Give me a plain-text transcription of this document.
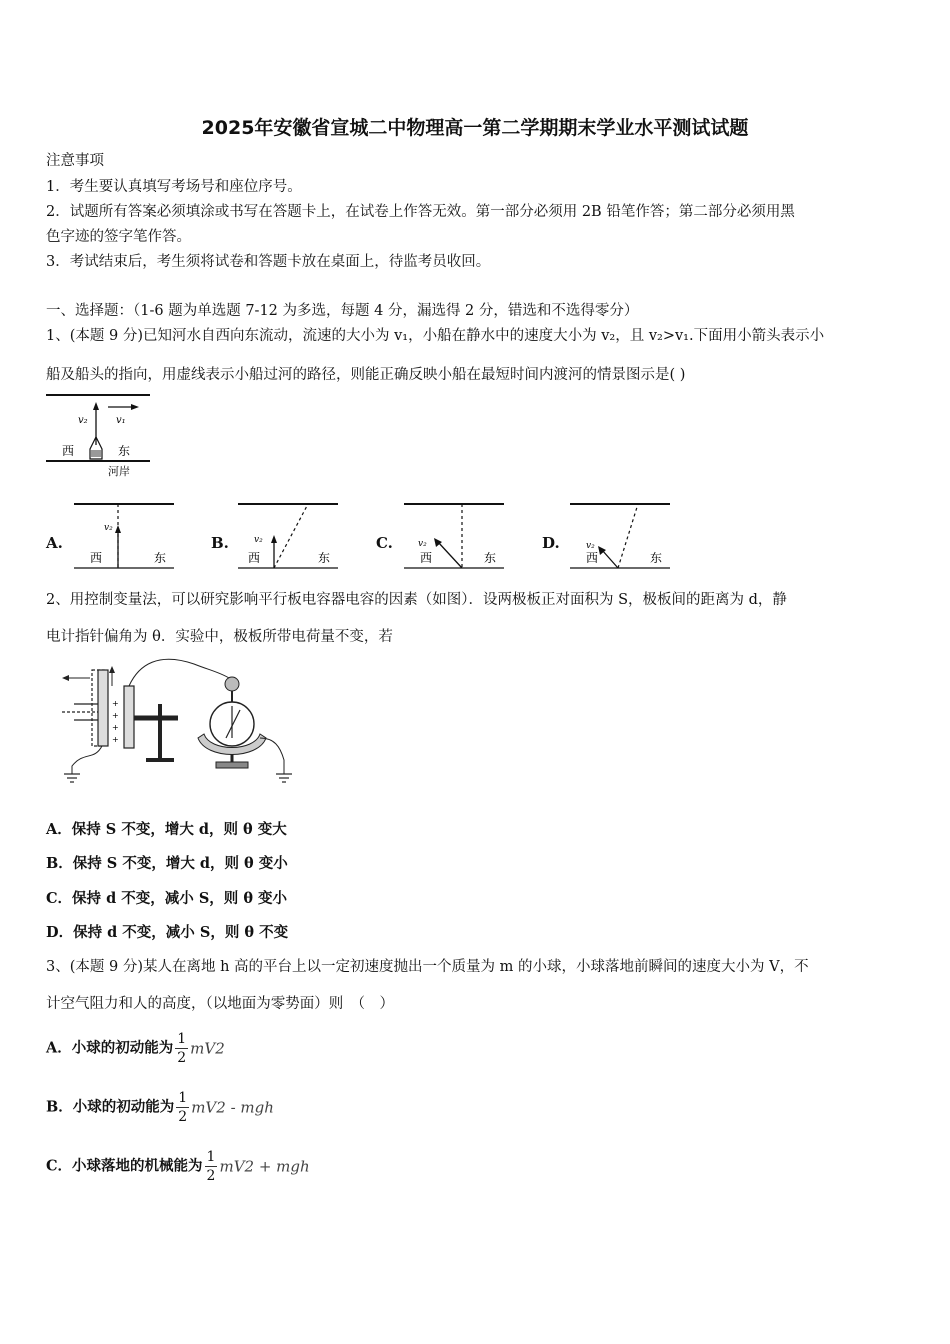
2025年安徽省宣城二中物理高一第二学期期末学业水平测试试题
注意事项
1．考生要认真填写考场号和座位序号。
2．试题所有答案必须填涂或书写在答题卡上，在试卷上作答无效。第一部分必须用 2B 铅笔作答；第二部分必须用黑
色字迹的签字笔作答。
3．考试结束后，考生须将试卷和答题卡放在桌面上，待监考员收回。
一、选择题：（1-6 题为单选题 7-12 为多选，每题 4 分，漏选得 2 分，错选和不选得零分）
1、(本题 9 分)已知河水自西向东流动，流速的大小为 v₁，小船在静水中的速度大小为 v₂，且 v₂>v₁.下面用小箭头表示小
船及船头的指向，用虚线表示小船过河的路径，则能正确反映小船在最短时间内渡河的情景图示是( )
v₂	v₁
西	东
河岸
A.
v₂
西	东
B.	v₂
西	东
C.	v₂
西	东
D.	v₂
西	东
2、用控制变量法，可以研究影响平行板电容器电容的因素（如图）．设两极板正对面积为 S，极板间的距离为 d，静
电计指针偏角为 θ．实验中，极板所带电荷量不变，若
+
+
+
+
A．保持 S 不变，增大 d，则 θ 变大
B．保持 S 不变，增大 d，则 θ 变小
C．保持 d 不变，减小 S，则 θ 变小
D．保持 d 不变，减小 S，则 θ 不变
3、(本题 9 分)某人在离地 h 高的平台上以一定初速度抛出一个质量为 m 的小球，小球落地前瞬间的速度大小为 V，不
计空气阻力和人的高度，（以地面为零势面）则　（　）
A．小球的初动能为 $\frac{1}{2} mV2$
B．小球的初动能为 $\frac{1}{2} mV2$ - mgh
C．小球落地的机械能为 $\frac{1}{2} mV2$ + mgh
